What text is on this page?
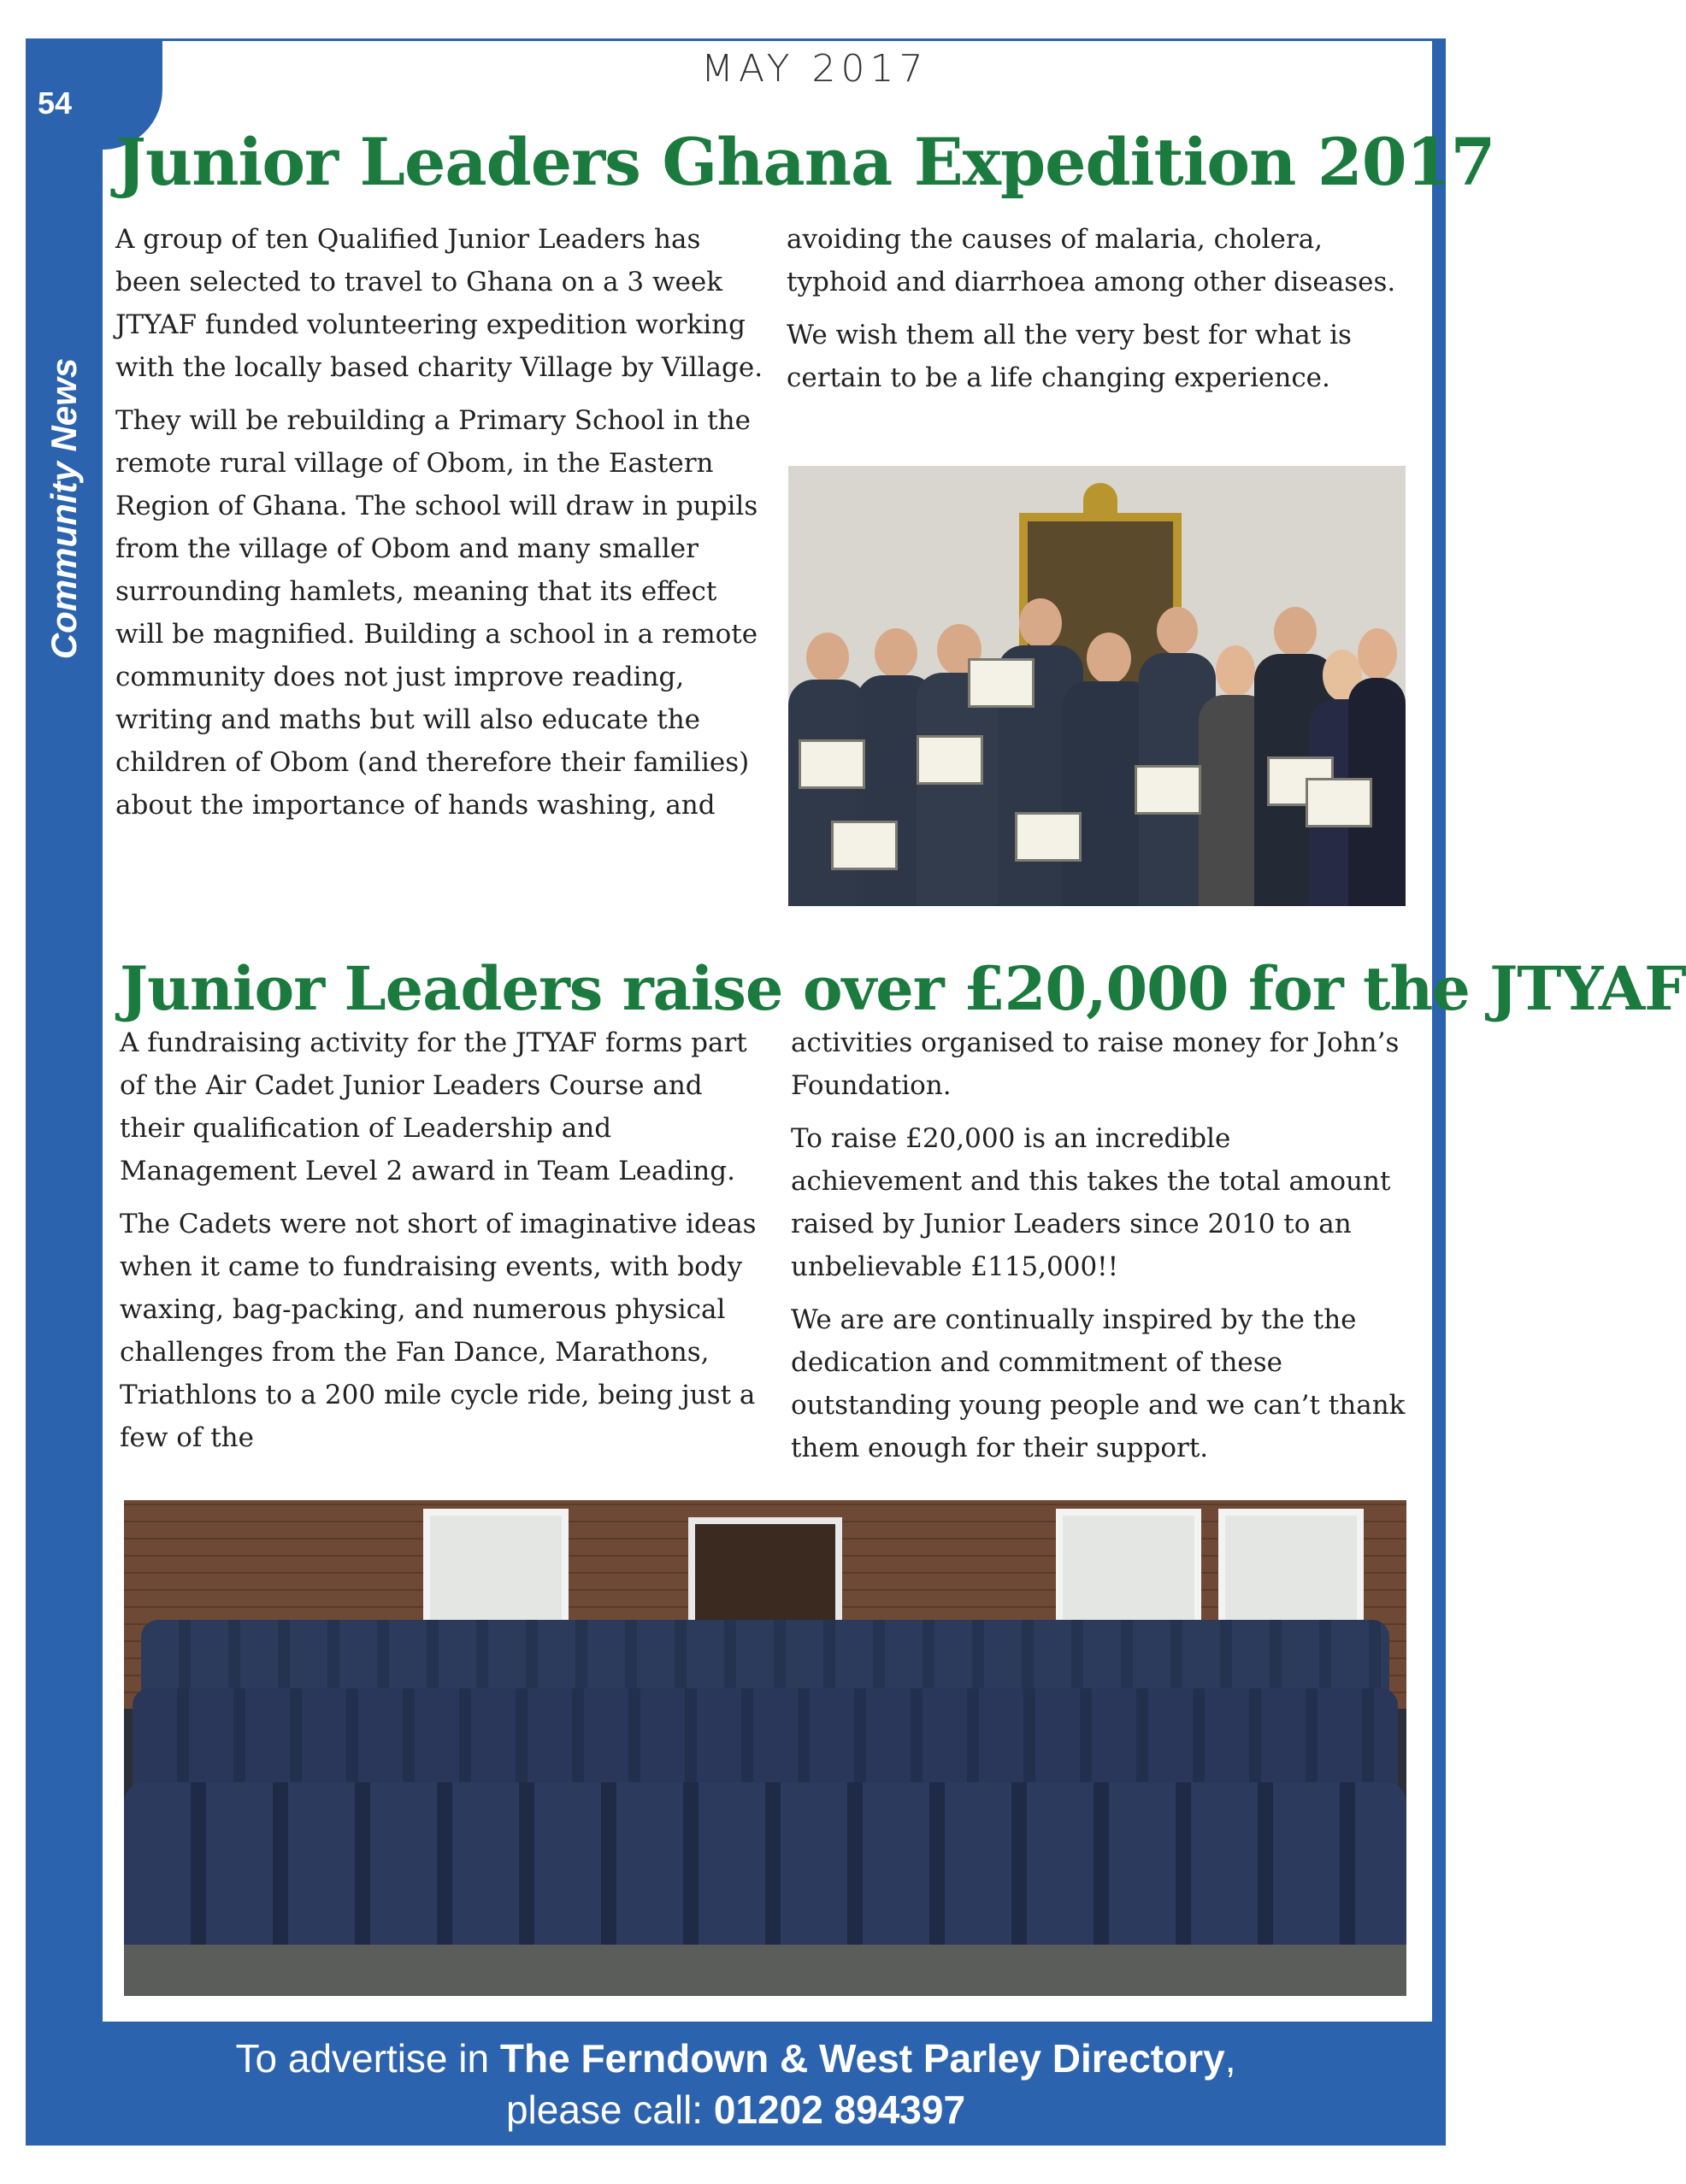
54
Community News
MAY 2017
Junior Leaders Ghana Expedition 2017

A group of ten Qualified Junior Leaders has been selected to travel to Ghana on a 3 week JTYAF funded volunteering expedition working with the locally based charity Village by Village.

They will be rebuilding a Primary School in the remote rural village of Obom, in the Eastern Region of Ghana. The school will draw in pupils from the village of Obom and many smaller surrounding hamlets, meaning that its effect will be magnified. Building a school in a remote community does not just improve reading, writing and maths but will also educate the children of Obom (and therefore their families) about the importance of hands washing, and

avoiding the causes of malaria, cholera, typhoid and diarrhoea among other diseases.

We wish them all the very best for what is certain to be a life changing experience.

Junior Leaders raise over £20,000 for the JTYAF

A fundraising activity for the JTYAF forms part of the Air Cadet Junior Leaders Course and their qualification of Leadership and Management Level 2 award in Team Leading.

The Cadets were not short of imaginative ideas when it came to fundraising events, with body waxing, bag-packing, and numerous physical challenges from the Fan Dance, Marathons, Triathlons to a 200 mile cycle ride, being just a few of the

activities organised to raise money for John’s Foundation.

To raise £20,000 is an incredible achievement and this takes the total amount raised by Junior Leaders since 2010 to an unbelievable £115,000!!

We are are continually inspired by the the dedication and commitment of these outstanding young people and we can’t thank them enough for their support.

To advertise in The Ferndown & West Parley Directory,
please call: 01202 894397
